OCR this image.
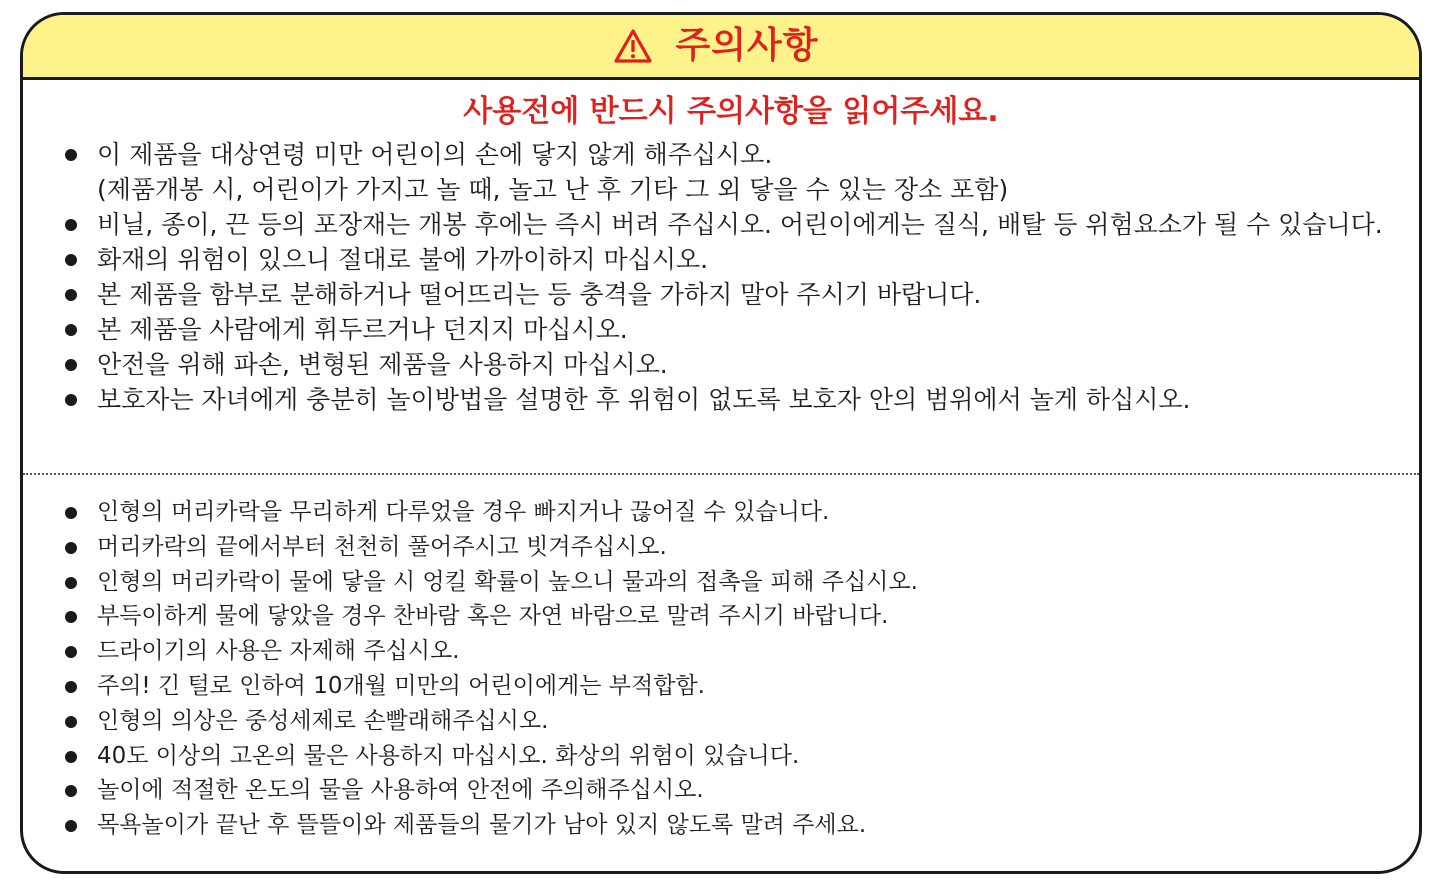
주의사항
사용전에 반드시 주의사항을 읽어주세요.
이 제품을 대상연령 미만 어린이의 손에 닿지 않게 해주십시오.
(제품개봉 시, 어린이가 가지고 놀 때, 놀고 난 후 기타 그 외 닿을 수 있는 장소 포함)
비닐, 종이, 끈 등의 포장재는 개봉 후에는 즉시 버려 주십시오. 어린이에게는 질식, 배탈 등 위험요소가 될 수 있습니다.
화재의 위험이 있으니 절대로 불에 가까이하지 마십시오.
본 제품을 함부로 분해하거나 떨어뜨리는 등 충격을 가하지 말아 주시기 바랍니다.
본 제품을 사람에게 휘두르거나 던지지 마십시오.
안전을 위해 파손, 변형된 제품을 사용하지 마십시오.
보호자는 자녀에게 충분히 놀이방법을 설명한 후 위험이 없도록 보호자 안의 범위에서 놀게 하십시오.
인형의 머리카락을 무리하게 다루었을 경우 빠지거나 끊어질 수 있습니다.
머리카락의 끝에서부터 천천히 풀어주시고 빗겨주십시오.
인형의 머리카락이 물에 닿을 시 엉킬 확률이 높으니 물과의 접촉을 피해 주십시오.
부득이하게 물에 닿았을 경우 찬바람 혹은 자연 바람으로 말려 주시기 바랍니다.
드라이기의 사용은 자제해 주십시오.
주의! 긴 털로 인하여 10개월 미만의 어린이에게는 부적합함.
인형의 의상은 중성세제로 손빨래해주십시오.
40도 이상의 고온의 물은 사용하지 마십시오. 화상의 위험이 있습니다.
놀이에 적절한 온도의 물을 사용하여 안전에 주의해주십시오.
목욕놀이가 끝난 후 뜰뜰이와 제품들의 물기가 남아 있지 않도록 말려 주세요.
